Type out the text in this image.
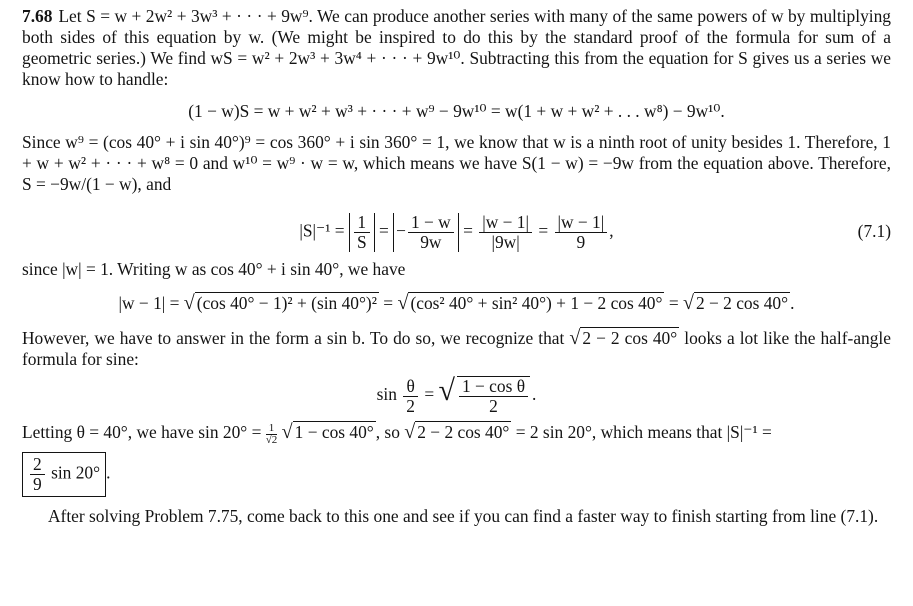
7.68 Let S = w + 2w² + 3w³ + · · · + 9w⁹. We can produce another series with many of the same powers of w by multiplying both sides of this equation by w. (We might be inspired to do this by the standard proof of the formula for sum of a geometric series.) We find wS = w² + 2w³ + 3w⁴ + · · · + 9w¹⁰. Subtracting this from the equation for S gives us a series we know how to handle:

(1 − w)S = w + w² + w³ + · · · + w⁹ − 9w¹⁰ = w(1 + w + w² + . . . w⁸) − 9w¹⁰.

Since w⁹ = (cos 40° + i sin 40°)⁹ = cos 360° + i sin 360° = 1, we know that w is a ninth root of unity besides 1. Therefore, 1 + w + w² + · · · + w⁸ = 0 and w¹⁰ = w⁹ · w = w, which means we have S(1 − w) = −9w from the equation above. Therefore, S = −9w/(1 − w), and

$|S|^{-1} = \frac{1}{S}$ = − $\frac{1 - w}{9w} = \frac{|w - 1|}{|9w|} = \frac{|w - 1|}{9}$ ,	(7.1)

since |w| = 1. Writing w as cos 40° + i sin 40°, we have

|w − 1| = √ (cos 40° − 1)² + (sin 40°)² = √ (cos² 40° + sin² 40°) + 1 − 2 cos 40° = √ 2 − 2 cos 40° .

However, we have to answer in the form a sin b. To do so, we recognize that √ 2 − 2 cos 40° looks a lot like the half-angle formula for sine:

$\sin \frac{\theta}{2}$ = √ $\frac{\text{1 − cos θ}}{2}$ .

Letting θ = 40°, we have $\sin 20^\circ = \frac{1}{√2}$ √ 1 − cos 40° , so √ 2 − 2 cos 40° = 2 sin 20°, which means that |S|⁻¹ =

$\frac{2}{9}$ sin 20° .

After solving Problem 7.75, come back to this one and see if you can find a faster way to finish starting from line (7.1).
